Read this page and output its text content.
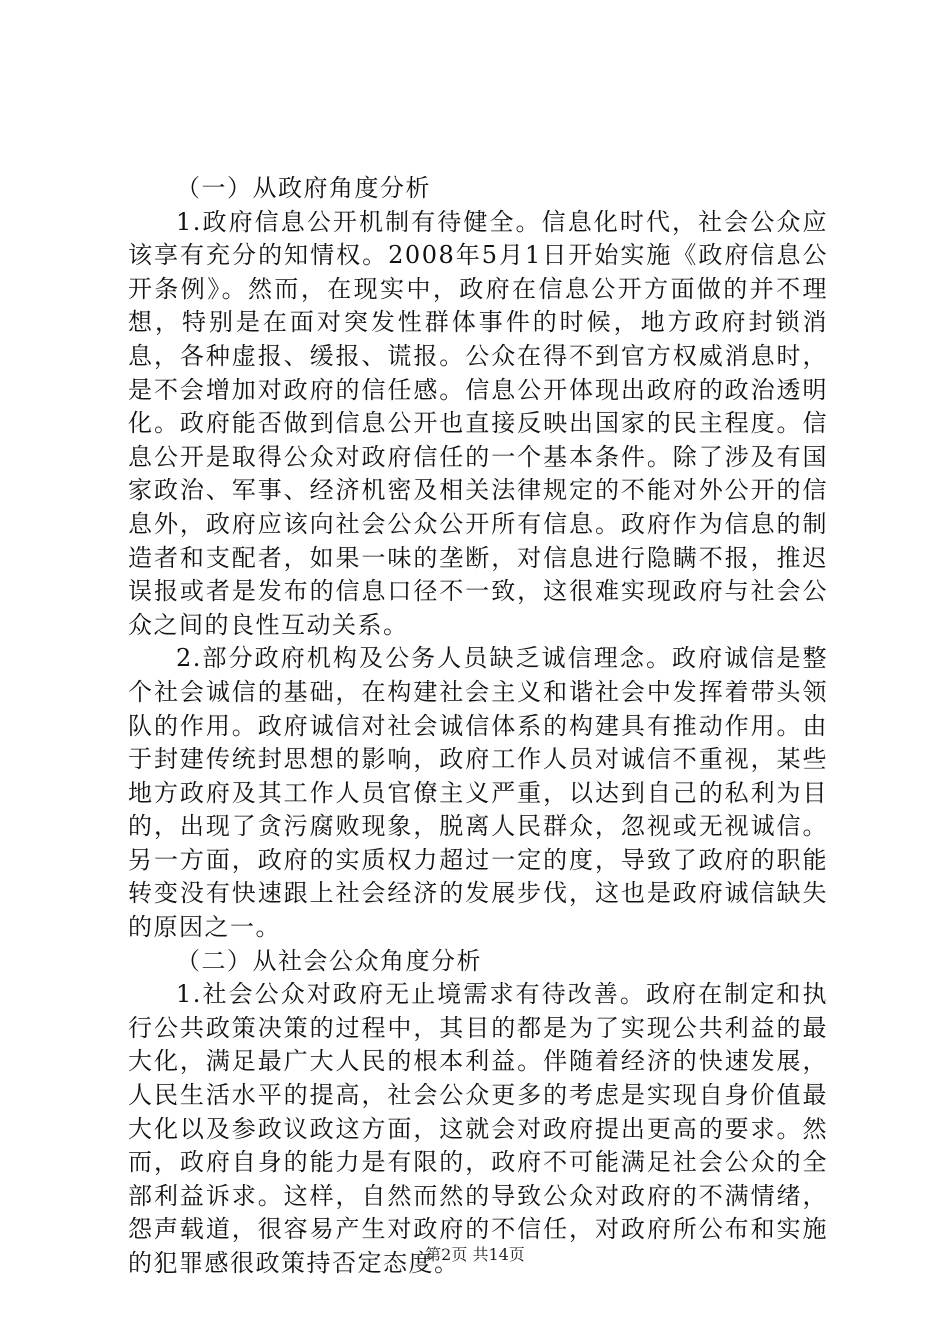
（一）从政府角度分析

1.政府信息公开机制有待健全。信息化时代，社会公众应该享有充分的知情权。2008年5月1日开始实施《政府信息公开条例》。然而，在现实中，政府在信息公开方面做的并不理想，特别是在面对突发性群体事件的时候，地方政府封锁消息，各种虚报、缓报、谎报。公众在得不到官方权威消息时，是不会增加对政府的信任感。信息公开体现出政府的政治透明化。政府能否做到信息公开也直接反映出国家的民主程度。信息公开是取得公众对政府信任的一个基本条件。除了涉及有国家政治、军事、经济机密及相关法律规定的不能对外公开的信息外，政府应该向社会公众公开所有信息。政府作为信息的制造者和支配者，如果一味的垄断，对信息进行隐瞒不报，推迟误报或者是发布的信息口径不一致，这很难实现政府与社会公众之间的良性互动关系。

2.部分政府机构及公务人员缺乏诚信理念。政府诚信是整个社会诚信的基础，在构建社会主义和谐社会中发挥着带头领队的作用。政府诚信对社会诚信体系的构建具有推动作用。由于封建传统封思想的影响，政府工作人员对诚信不重视，某些地方政府及其工作人员官僚主义严重，以达到自己的私利为目的，出现了贪污腐败现象，脱离人民群众，忽视或无视诚信。另一方面，政府的实质权力超过一定的度，导致了政府的职能转变没有快速跟上社会经济的发展步伐，这也是政府诚信缺失的原因之一。

（二）从社会公众角度分析

1.社会公众对政府无止境需求有待改善。政府在制定和执行公共政策决策的过程中，其目的都是为了实现公共利益的最大化，满足最广大人民的根本利益。伴随着经济的快速发展，人民生活水平的提高，社会公众更多的考虑是实现自身价值最大化以及参政议政这方面，这就会对政府提出更高的要求。然而，政府自身的能力是有限的，政府不可能满足社会公众的全部利益诉求。这样，自然而然的导致公众对政府的不满情绪，怨声载道，很容易产生对政府的不信任，对政府所公布和实施的犯罪感很政策持否定态度。

第2页 共14页
